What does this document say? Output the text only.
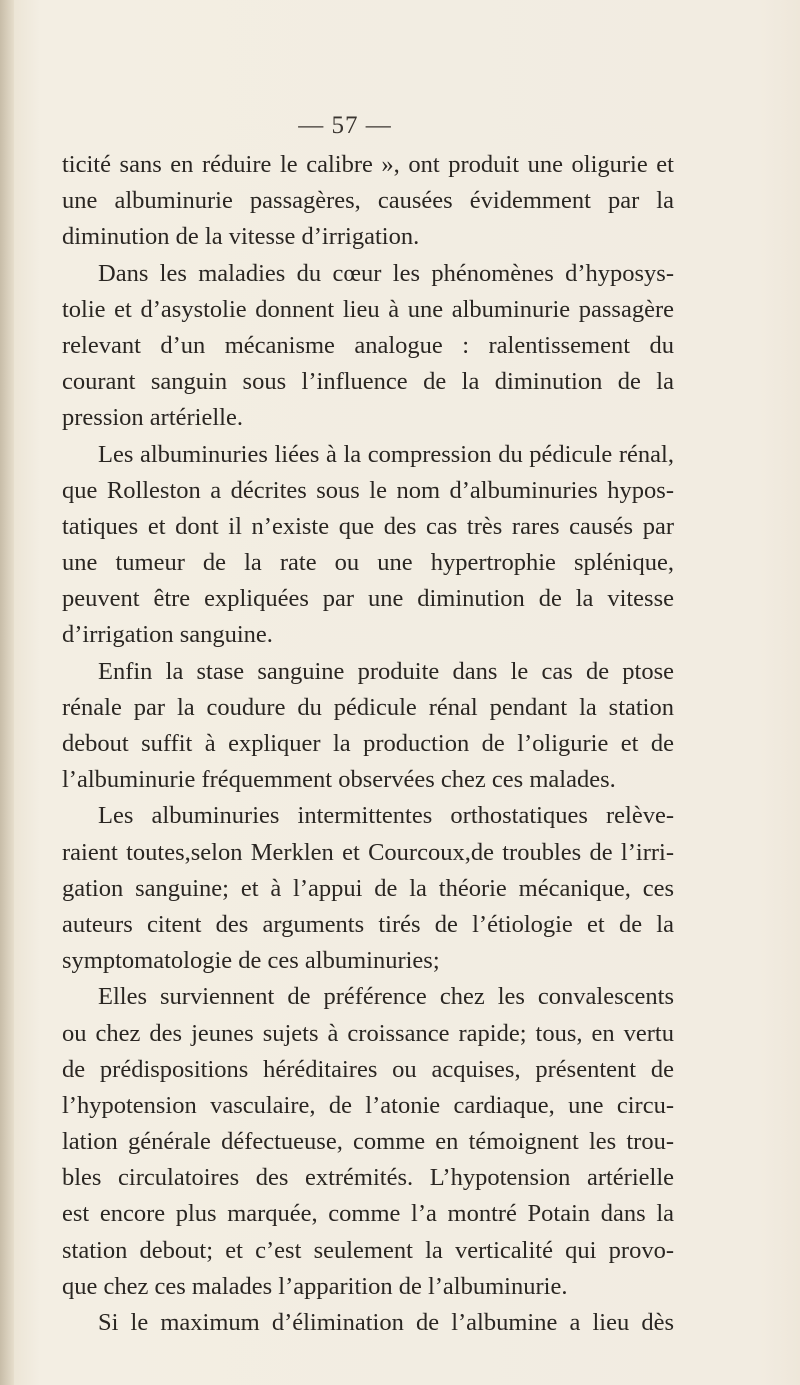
— 57 —
ticité sans en réduire le calibre », ont produit une oligurie et
une albuminurie passagères, causées évidemment par la
diminution de la vitesse d’irrigation.
Dans les maladies du cœur les phénomènes d’hyposys-
tolie et d’asystolie donnent lieu à une albuminurie passagère
relevant d’un mécanisme analogue : ralentissement du
courant sanguin sous l’influence de la diminution de la
pression artérielle.
Les albuminuries liées à la compression du pédicule rénal,
que Rolleston a décrites sous le nom d’albuminuries hypos-
tatiques et dont il n’existe que des cas très rares causés par
une tumeur de la rate ou une hypertrophie splénique,
peuvent être expliquées par une diminution de la vitesse
d’irrigation sanguine.
Enfin la stase sanguine produite dans le cas de ptose
rénale par la coudure du pédicule rénal pendant la station
debout suffit à expliquer la production de l’oligurie et de
l’albuminurie fréquemment observées chez ces malades.
Les albuminuries intermittentes orthostatiques relève-
raient toutes,selon Merklen et Courcoux,de troubles de l’irri-
gation sanguine; et à l’appui de la théorie mécanique, ces
auteurs citent des arguments tirés de l’étiologie et de la
symptomatologie de ces albuminuries;
Elles surviennent de préférence chez les convalescents
ou chez des jeunes sujets à croissance rapide; tous, en vertu
de prédispositions héréditaires ou acquises, présentent de
l’hypotension vasculaire, de l’atonie cardiaque, une circu-
lation générale défectueuse, comme en témoignent les trou-
bles circulatoires des extrémités. L’hypotension artérielle
est encore plus marquée, comme l’a montré Potain dans la
station debout; et c’est seulement la verticalité qui provo-
que chez ces malades l’apparition de l’albuminurie.
Si le maximum d’élimination de l’albumine a lieu dès
